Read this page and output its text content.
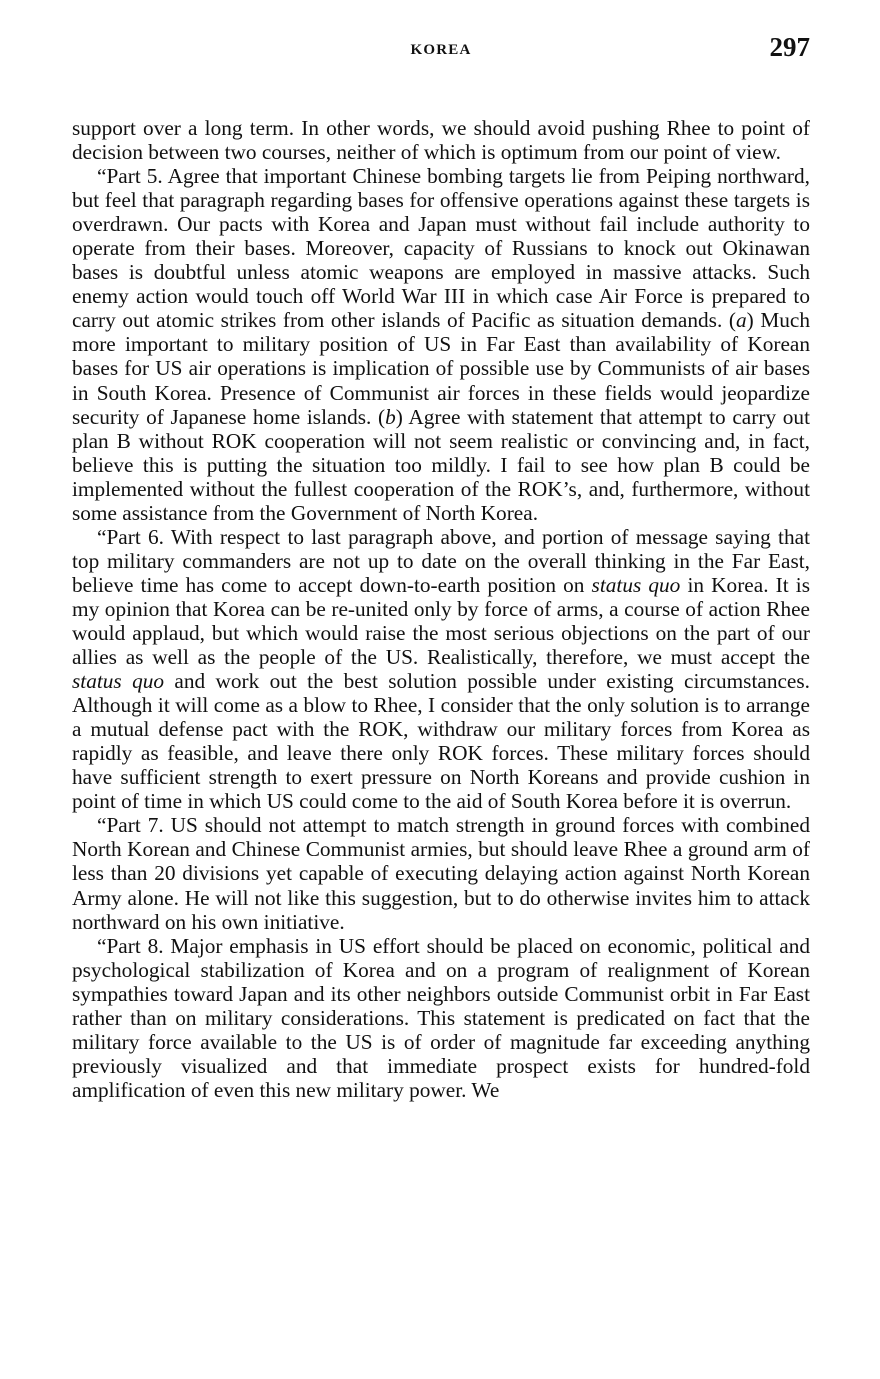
KOREA	297

support over a long term. In other words, we should avoid pushing Rhee to point of decision between two courses, neither of which is optimum from our point of view.

“Part 5. Agree that important Chinese bombing targets lie from Peiping northward, but feel that paragraph regarding bases for offensive operations against these targets is overdrawn. Our pacts with Korea and Japan must without fail include authority to operate from their bases. Moreover, capacity of Russians to knock out Okinawan bases is doubtful unless atomic weapons are employed in massive attacks. Such enemy action would touch off World War III in which case Air Force is prepared to carry out atomic strikes from other islands of Pacific as situation demands. (a) Much more important to military position of US in Far East than availability of Korean bases for US air operations is implication of possible use by Communists of air bases in South Korea. Presence of Communist air forces in these fields would jeopardize security of Japanese home islands. (b) Agree with statement that attempt to carry out plan B without ROK cooperation will not seem realistic or convincing and, in fact, believe this is putting the situation too mildly. I fail to see how plan B could be implemented without the fullest cooperation of the ROK’s, and, furthermore, without some assistance from the Government of North Korea.

“Part 6. With respect to last paragraph above, and portion of message saying that top military commanders are not up to date on the overall thinking in the Far East, believe time has come to accept down-to-earth position on status quo in Korea. It is my opinion that Korea can be re-united only by force of arms, a course of action Rhee would applaud, but which would raise the most serious objections on the part of our allies as well as the people of the US. Realistically, therefore, we must accept the status quo and work out the best solution possible under existing circumstances. Although it will come as a blow to Rhee, I consider that the only solution is to arrange a mutual defense pact with the ROK, withdraw our military forces from Korea as rapidly as feasible, and leave there only ROK forces. These military forces should have sufficient strength to exert pressure on North Koreans and provide cushion in point of time in which US could come to the aid of South Korea before it is overrun.

“Part 7. US should not attempt to match strength in ground forces with combined North Korean and Chinese Communist armies, but should leave Rhee a ground arm of less than 20 divisions yet capable of executing delaying action against North Korean Army alone. He will not like this suggestion, but to do otherwise invites him to attack northward on his own initiative.

“Part 8. Major emphasis in US effort should be placed on economic, political and psychological stabilization of Korea and on a program of realignment of Korean sympathies toward Japan and its other neighbors outside Communist orbit in Far East rather than on military considerations. This statement is predicated on fact that the military force available to the US is of order of magnitude far exceeding anything previously visualized and that immediate prospect exists for hundred-fold amplification of even this new military power. We
